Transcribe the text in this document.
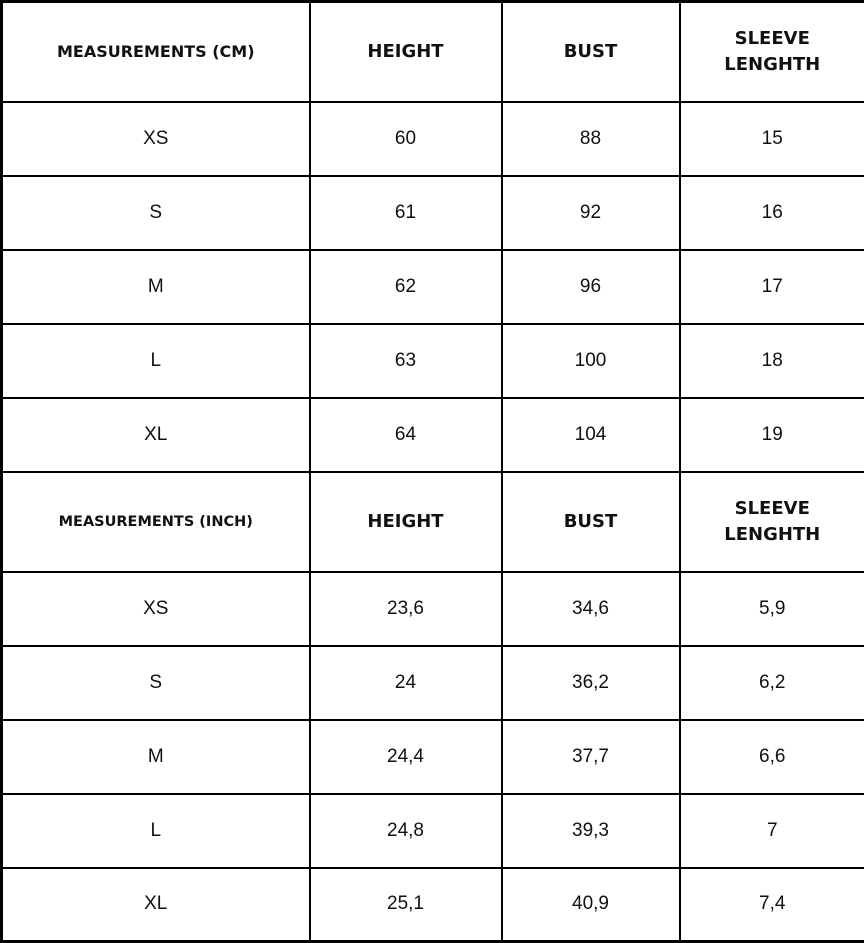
MEASUREMENTS (CM)	HEIGHT	BUST	SLEEVE LENGHTH
XS	60	88	15
S	61	92	16
M	62	96	17
L	63	100	18
XL	64	104	19
MEASUREMENTS (INCH)	HEIGHT	BUST	SLEEVE LENGHTH
XS	23,6	34,6	5,9
S	24	36,2	6,2
M	24,4	37,7	6,6
L	24,8	39,3	7
XL	25,1	40,9	7,4
